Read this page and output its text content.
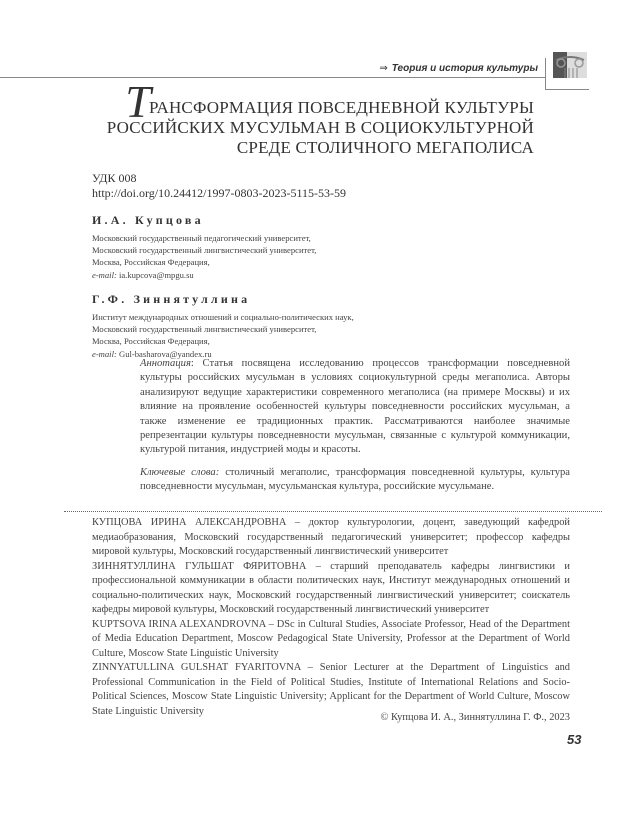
⇒ Теория и история культуры
ТРАНСФОРМАЦИЯ ПОВСЕДНЕВНОЙ КУЛЬТУРЫ
РОССИЙСКИХ МУСУЛЬМАН В СОЦИОКУЛЬТУРНОЙ
СРЕДЕ СТОЛИЧНОГО МЕГАПОЛИСА
УДК 008
http://doi.org/10.24412/1997-0803-2023-5115-53-59
И.А. Купцова
Московский государственный педагогический университет,
Московский государственный лингвистический университет,
Москва, Российская Федерация,
e-mail: ia.kupcova@mpgu.su
Г.Ф. Зиннятуллина
Институт международных отношений и социально-политических наук,
Московский государственный лингвистический университет,
Москва, Российская Федерация,
e-mail: Gul-basharova@yandex.ru

Аннотация: Статья посвящена исследованию процессов трансформации повседневной культуры российских мусульман в условиях социокультурной среды мегаполиса. Авторы анализируют ведущие характеристики современного мегаполиса (на примере Москвы) и их влияние на проявление особенностей культуры повседневности российских мусульман, а также изменение ее традиционных практик. Рассматриваются наиболее значимые репрезентации культуры повседневности мусульман, связанные с культурой коммуникации, культурой питания, индустрией моды и красоты.

Ключевые слова: столичный мегаполис, трансформация повседневной культуры, культура повседневности мусульман, мусульманская культура, российские мусульмане.

КУПЦОВА ИРИНА АЛЕКСАНДРОВНА – доктор культурологии, доцент, заведующий кафедрой медиаобразования, Московский государственный педагогический университет; профессор кафедры мировой культуры, Московский государственный лингвистический университет

ЗИННЯТУЛЛИНА ГУЛЬШАТ ФЯРИТОВНА – старший преподаватель кафедры лингвистики и профессиональной коммуникации в области политических наук, Институт международных отношений и социально-политических наук, Московский государственный лингвистический университет; соискатель кафедры мировой культуры, Московский государственный лингвистический университет

KUPTSOVA IRINA ALEXANDROVNA – DSc in Cultural Studies, Associate Professor, Head of the Department of Media Education Department, Moscow Pedagogical State University, Professor at the Department of World Culture, Moscow State Linguistic University

ZINNYATULLINA GULSHAT FYARITOVNA – Senior Lecturer at the Department of Linguistics and Professional Communication in the Field of Political Studies, Institute of International Relations and Socio-Political Sciences, Moscow State Linguistic University; Applicant for the Department of World Culture, Moscow State Linguistic University

© Купцова И. А., Зиннятуллина Г. Ф., 2023
53
